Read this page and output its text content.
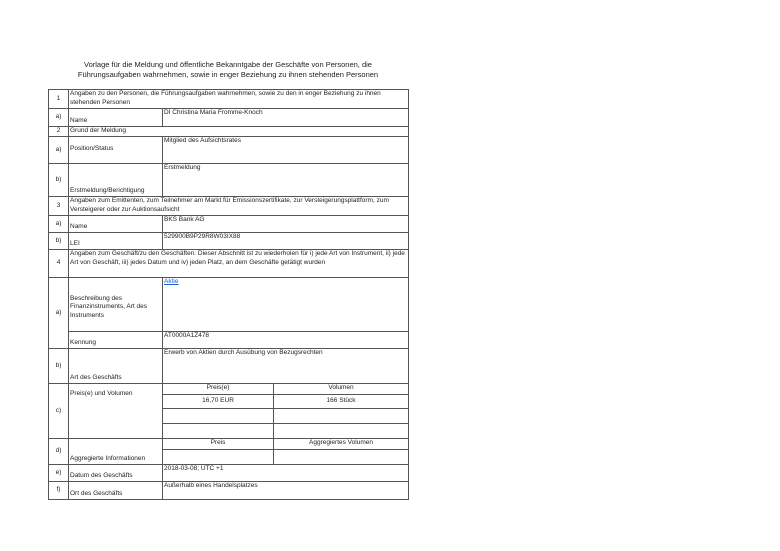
Vorlage für die Meldung und öffentliche Bekanntgabe der Geschäfte von Personen, die
Führungsaufgaben wahrnehmen, sowie in enger Beziehung zu ihnen stehenden Personen
1	Angaben zu den Personen, die Führungsaufgaben wahrnehmen, sowie zu den in enger Beziehung zu ihnen stehenden Personen		
a)	Name	DI Christina Maria Fromme-Knoch	
2	Grund der Meldung		
a)	Position/Status	Mitglied des Aufsichtsrates	
b)	Erstmeldung/Berichtigung	Erstmeldung	
3	Angaben zum Emittenten, zum Teilnehmer am Markt für Emissionszertifikate, zur Versteigerungsplattform, zum Versteigerer oder zur Auktionsaufsicht		
a)	Name	BKS Bank AG	
b)	LEI	529900B9P29R8W03IX88	
4	Angaben zum Geschäft/zu den Geschäften: Dieser Abschnitt ist zu wiederholen für i) jede Art von Instrument, ii) jede Art von Geschäft, iii) jedes Datum und iv) jeden Platz, an dem Geschäfte getätigt wurden		
a)	Beschreibung des Finanzinstruments, Art des Instruments	Aktie	
	Kennung	AT0000A1Z478	
b)	Art des Geschäfts	Erwerb von Aktien durch Ausübung von Bezugsrechten	
c)	Preis(e) und Volumen	Preis(e)	Volumen
		16,70 EUR	166 Stück

d)	Aggregierte Informationen	Preis	Aggregiertes Volumen

e)	Datum des Geschäfts	2018-03-08; UTC +1	
f)	Ort des Geschäfts	Außerhalb eines Handelsplatzes	
